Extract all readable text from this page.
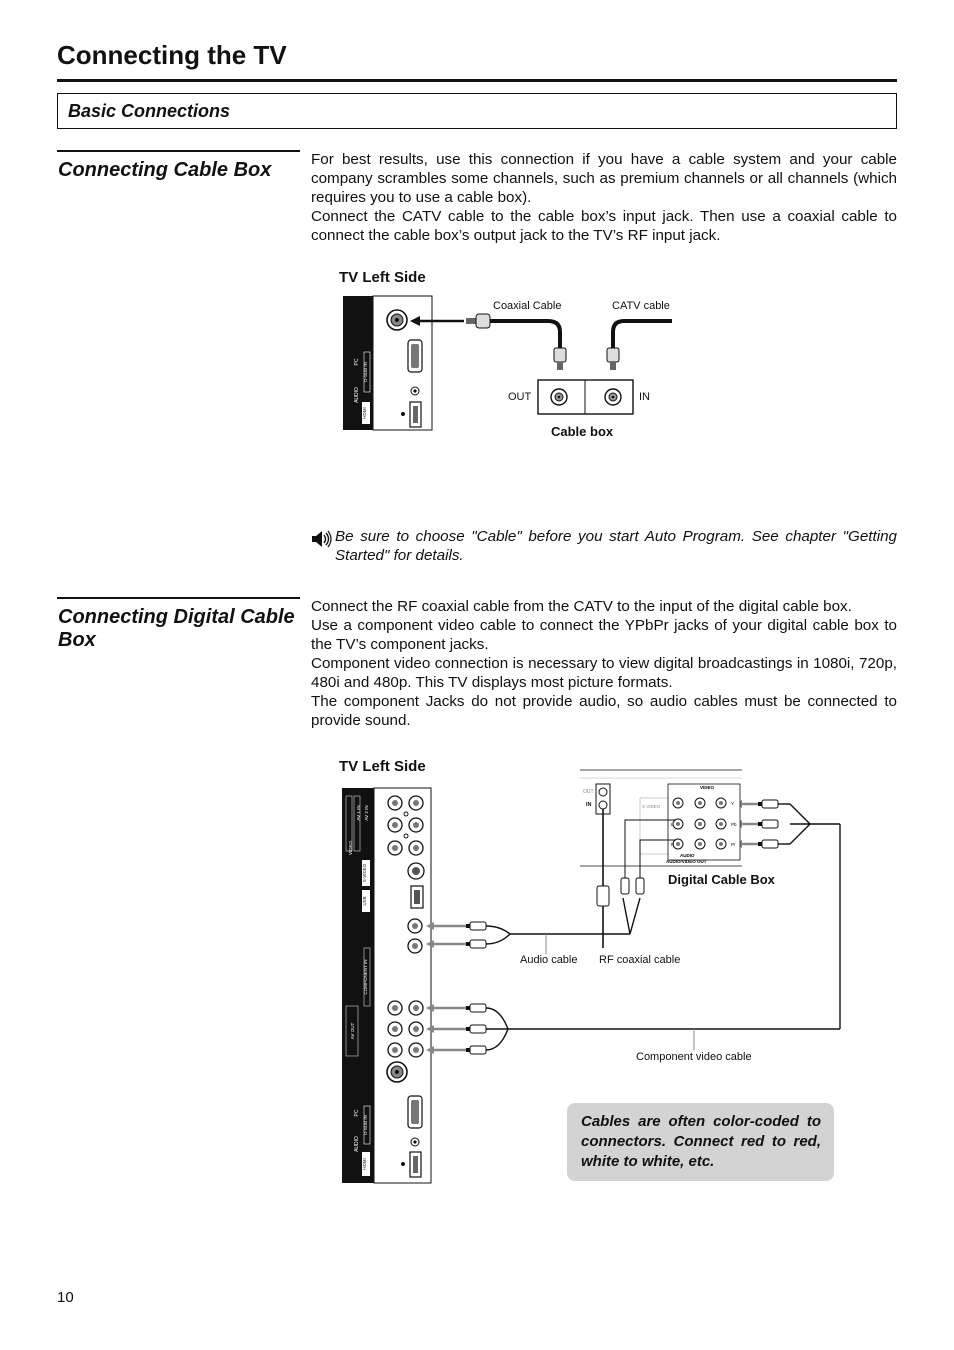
Connecting the TV
Basic Connections
Connecting Cable Box	For best results, use this connection if you have a cable system and your cable company scrambles some channels, such as premium channels or all channels (which requires you to use a cable box).

Connect the CATV cable to the cable box’s input jack. Then use a coaxial cable to connect the cable box’s output jack to the TV’s RF input jack.

TV Left Side
PC
AUDIO
D-SUB IN
HDMI
Coaxial Cable	CATV cable
OUT	IN
Cable box
Be sure to choose "Cable" before you start Auto Program. See chapter "Getting Started" for details.
Connecting Digital Cable Box

Connect the RF coaxial cable from the CATV to the input of the digital cable box.

Use a component video cable to connect the YPbPr jacks of your digital cable box to the TV’s component jacks.

Component video connection is necessary to view digital broadcastings in 1080i, 720p, 480i and 480p. This TV displays most picture formats.

The component Jacks do not provide audio, so audio cables must be connected to provide sound.

TV Left Side
AV 1 IN AV 2 IN
VIDEO
S-VIDEO
USB
COMPONENT IN
AV OUT
PC
AUDIO
D-SUB IN
HDMI
OUT
IN	S VIDEO
VIDEO
AUDIO
AUDIO/VIDEO OUT
Y
Pb
Pr
L
R
Digital Cable Box
Audio cable RF coaxial cable
Component video cable
Cables are often color-coded to connectors. Connect red to red, white to white, etc.
10
